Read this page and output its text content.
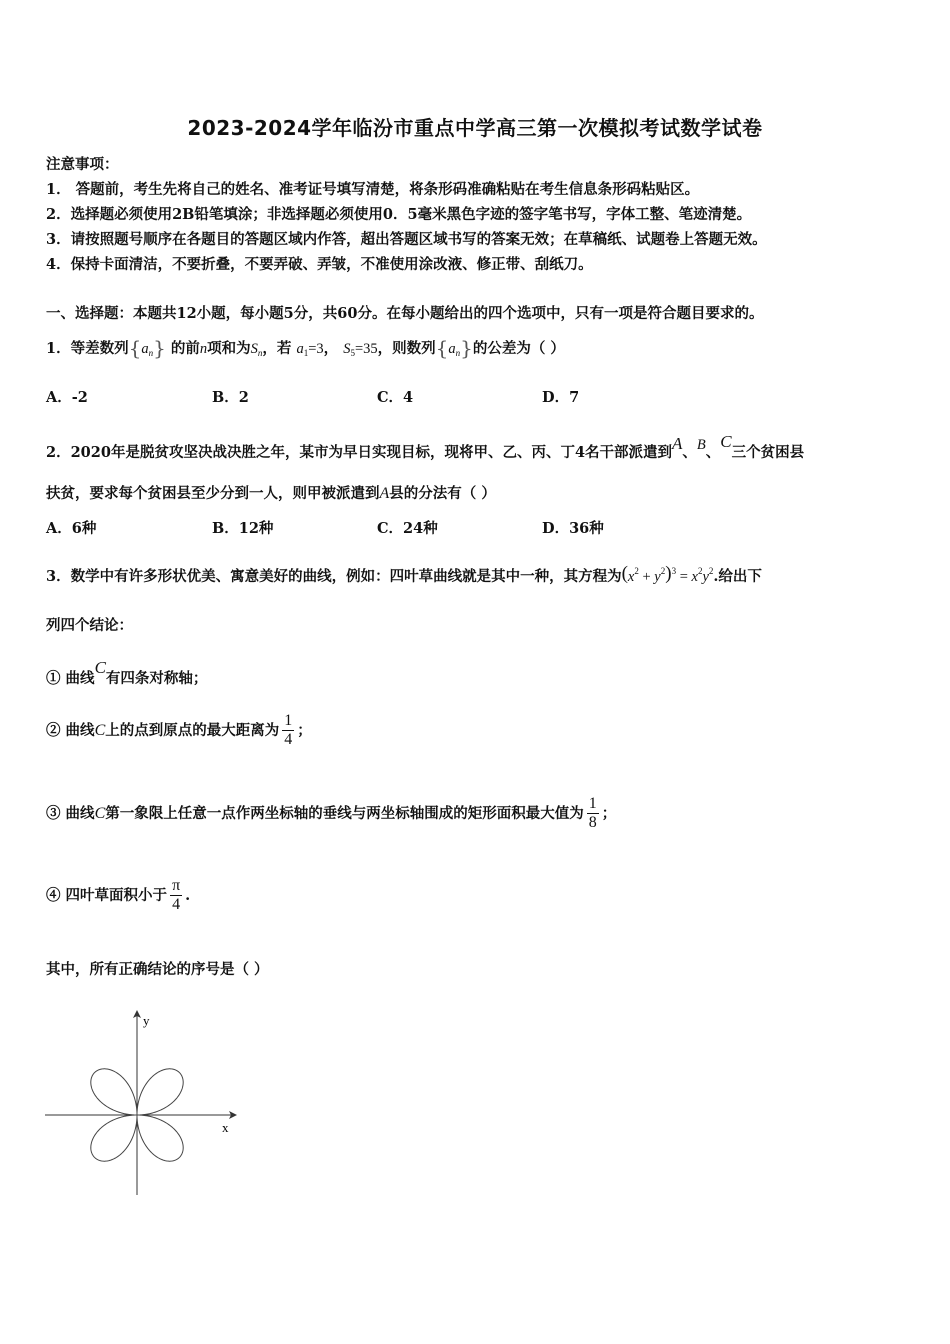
2023-2024学年临汾市重点中学高三第一次模拟考试数学试卷
注意事项：
1． 答题前，考生先将自己的姓名、准考证号填写清楚，将条形码准确粘贴在考生信息条形码粘贴区。
2．选择题必须使用2B铅笔填涂；非选择题必须使用0．5毫米黑色字迹的签字笔书写，字体工整、笔迹清楚。
3．请按照题号顺序在各题目的答题区域内作答，超出答题区域书写的答案无效；在草稿纸、试题卷上答题无效。
4．保持卡面清洁，不要折叠，不要弄破、弄皱，不准使用涂改液、修正带、刮纸刀。
一、选择题：本题共12小题，每小题5分，共60分。在每小题给出的四个选项中，只有一项是符合题目要求的。
1．等差数列$\{a_n\}$ 的前n项和为$S_n$，若 $a_1=3$， $S_5=35$，则数列$\{a_n\}$的公差为（ ）
A．-2	B．2	C．4	D．7
2．2020年是脱贫攻坚决战决胜之年，某市为早日实现目标，现将甲、乙、丙、丁4名干部派遣到A、B、C三个贫困县
扶贫，要求每个贫困县至少分到一人，则甲被派遣到A县的分法有（ ）
A．6种	B．12种	C．24种	D．36种
3．数学中有许多形状优美、寓意美好的曲线，例如：四叶草曲线就是其中一种，其方程为$(x^2 + y^2)^3 = x^2y^2$.给出下
列四个结论：
① 曲线C有四条对称轴；
② 曲线C上的点到原点的最大距离为 $\frac{1}{4}$ ；
③ 曲线C第一象限上任意一点作两坐标轴的垂线与两坐标轴围成的矩形面积最大值为 $\frac{1}{8}$ ；
④ 四叶草面积小于 $\frac{\pi}{4}$ .
其中，所有正确结论的序号是（ ）
y
x
